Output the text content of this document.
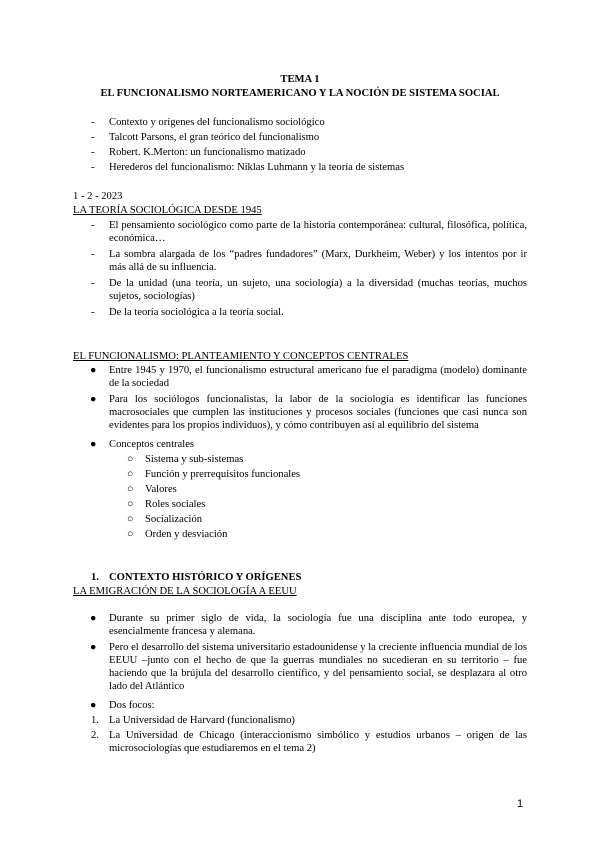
TEMA 1
EL FUNCIONALISMO NORTEAMERICANO Y LA NOCIÓN DE SISTEMA SOCIAL
- Contexto y orígenes del funcionalismo sociológico
- Talcott Parsons, el gran teórico del funcionalismo
- Robert. K.Merton: un funcionalismo matizado
- Herederos del funcionalismo: Niklas Luhmann y la teoría de sistemas
1 - 2 - 2023
LA TEORÍA SOCIOLÓGICA DESDE 1945
- El pensamiento sociológico como parte de la historia contemporánea: cultural, filosófica, política, económica…
- La sombra alargada de los “padres fundadores” (Marx, Durkheim, Weber) y los intentos por ir más allá de su influencia.
- De la unidad (una teoría, un sujeto, una sociología) a la diversidad (muchas teorías, muchos sujetos, sociologías)
- De la teoría sociológica a la teoría social.
EL FUNCIONALISMO: PLANTEAMIENTO Y CONCEPTOS CENTRALES
● Entre 1945 y 1970, el funcionalismo estructural americano fue el paradigma (modelo) dominante de la sociedad
● Para los sociólogos funcionalistas, la labor de la sociología es identificar las funciones macrosociales que cumplen las instituciones y procesos sociales (funciones que casi nunca son evidentes para los propios individuos), y cómo contribuyen así al equilibrio del sistema
● Conceptos centrales
○ Sistema y sub-sistemas
○ Función y prerrequisitos funcionales
○ Valores
○ Roles sociales
○ Socialización
○ Orden y desviación
1. CONTEXTO HISTÓRICO Y ORÍGENES
LA EMIGRACIÓN DE LA SOCIOLOGÍA A EEUU
● Durante su primer siglo de vida, la sociología fue una disciplina ante todo europea, y esencialmente francesa y alemana.
● Pero el desarrollo del sistema universitario estadounidense y la creciente influencia mundial de los EEUU –junto con el hecho de que la guerras mundiales no sucedieran en su territorio – fue haciendo que la brújula del desarrollo científico, y del pensamiento social, se desplazara al otro lado del Atlántico
● Dos focos:
1. La Universidad de Harvard (funcionalismo)
2. La Universidad de Chicago (interaccionismo simbólico y estudios urbanos – origen de las microsociologías que estudiaremos en el tema 2)
1
